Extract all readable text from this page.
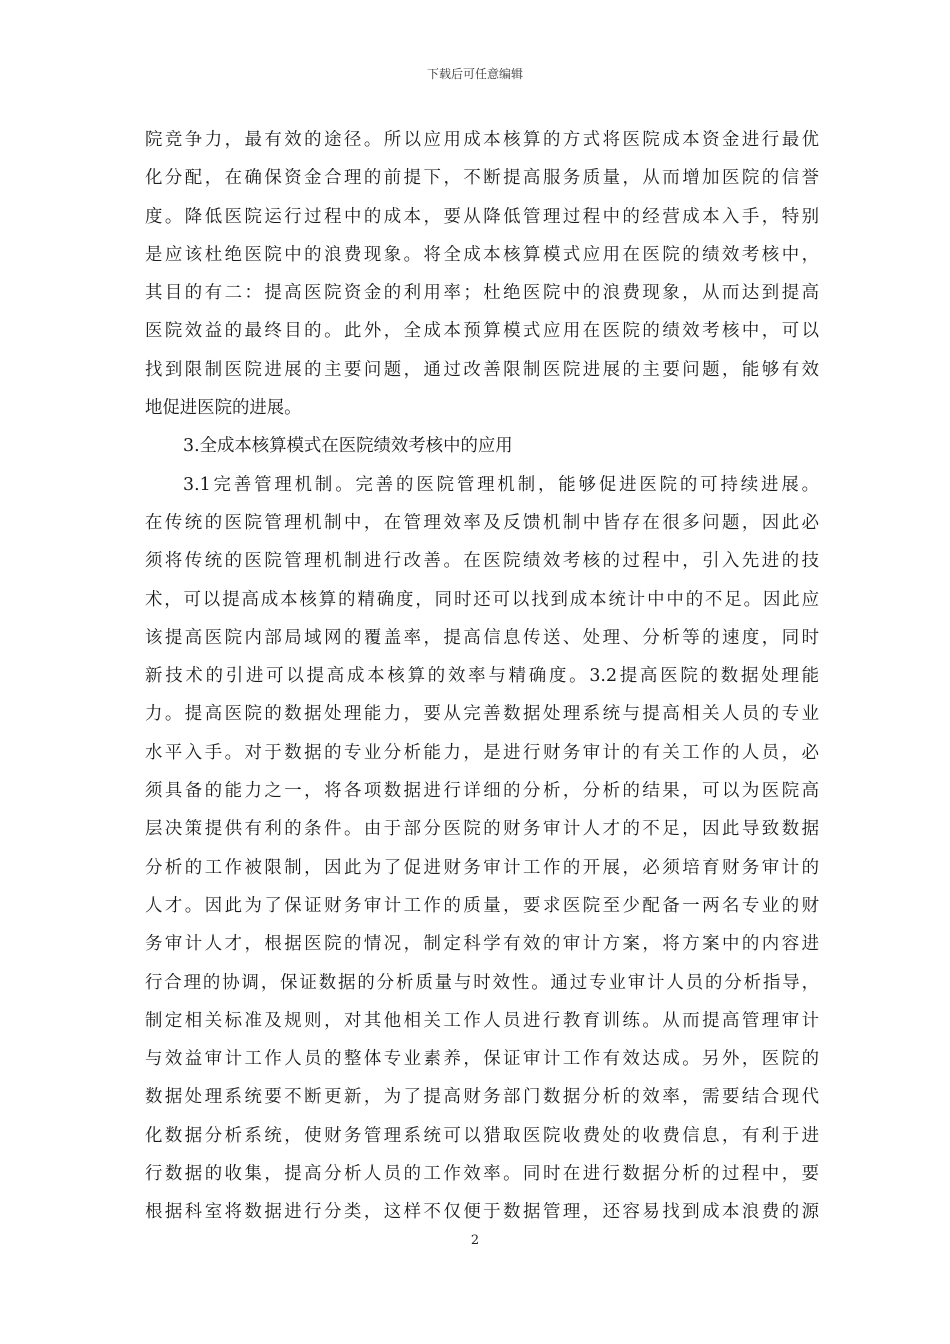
下载后可任意编辑
院竞争力，最有效的途径。所以应用成本核算的方式将医院成本资金进行最优
化分配，在确保资金合理的前提下，不断提高服务质量，从而增加医院的信誉
度。降低医院运行过程中的成本，要从降低管理过程中的经营成本入手，特别
是应该杜绝医院中的浪费现象。将全成本核算模式应用在医院的绩效考核中，
其目的有二：提高医院资金的利用率；杜绝医院中的浪费现象，从而达到提高
医院效益的最终目的。此外，全成本预算模式应用在医院的绩效考核中，可以
找到限制医院进展的主要问题，通过改善限制医院进展的主要问题，能够有效
地促进医院的进展。
3.全成本核算模式在医院绩效考核中的应用
3.1完善管理机制。完善的医院管理机制，能够促进医院的可持续进展。
在传统的医院管理机制中，在管理效率及反馈机制中皆存在很多问题，因此必
须将传统的医院管理机制进行改善。在医院绩效考核的过程中，引入先进的技
术，可以提高成本核算的精确度，同时还可以找到成本统计中中的不足。因此应
该提高医院内部局域网的覆盖率，提高信息传送、处理、分析等的速度，同时
新技术的引进可以提高成本核算的效率与精确度。3.2提高医院的数据处理能
力。提高医院的数据处理能力，要从完善数据处理系统与提高相关人员的专业
水平入手。对于数据的专业分析能力，是进行财务审计的有关工作的人员，必
须具备的能力之一，将各项数据进行详细的分析，分析的结果，可以为医院高
层决策提供有利的条件。由于部分医院的财务审计人才的不足，因此导致数据
分析的工作被限制，因此为了促进财务审计工作的开展，必须培育财务审计的
人才。因此为了保证财务审计工作的质量，要求医院至少配备一两名专业的财
务审计人才，根据医院的情况，制定科学有效的审计方案，将方案中的内容进
行合理的协调，保证数据的分析质量与时效性。通过专业审计人员的分析指导，
制定相关标准及规则，对其他相关工作人员进行教育训练。从而提高管理审计
与效益审计工作人员的整体专业素养，保证审计工作有效达成。另外，医院的
数据处理系统要不断更新，为了提高财务部门数据分析的效率，需要结合现代
化数据分析系统，使财务管理系统可以猎取医院收费处的收费信息，有利于进
行数据的收集，提高分析人员的工作效率。同时在进行数据分析的过程中，要
根据科室将数据进行分类，这样不仅便于数据管理，还容易找到成本浪费的源
2
